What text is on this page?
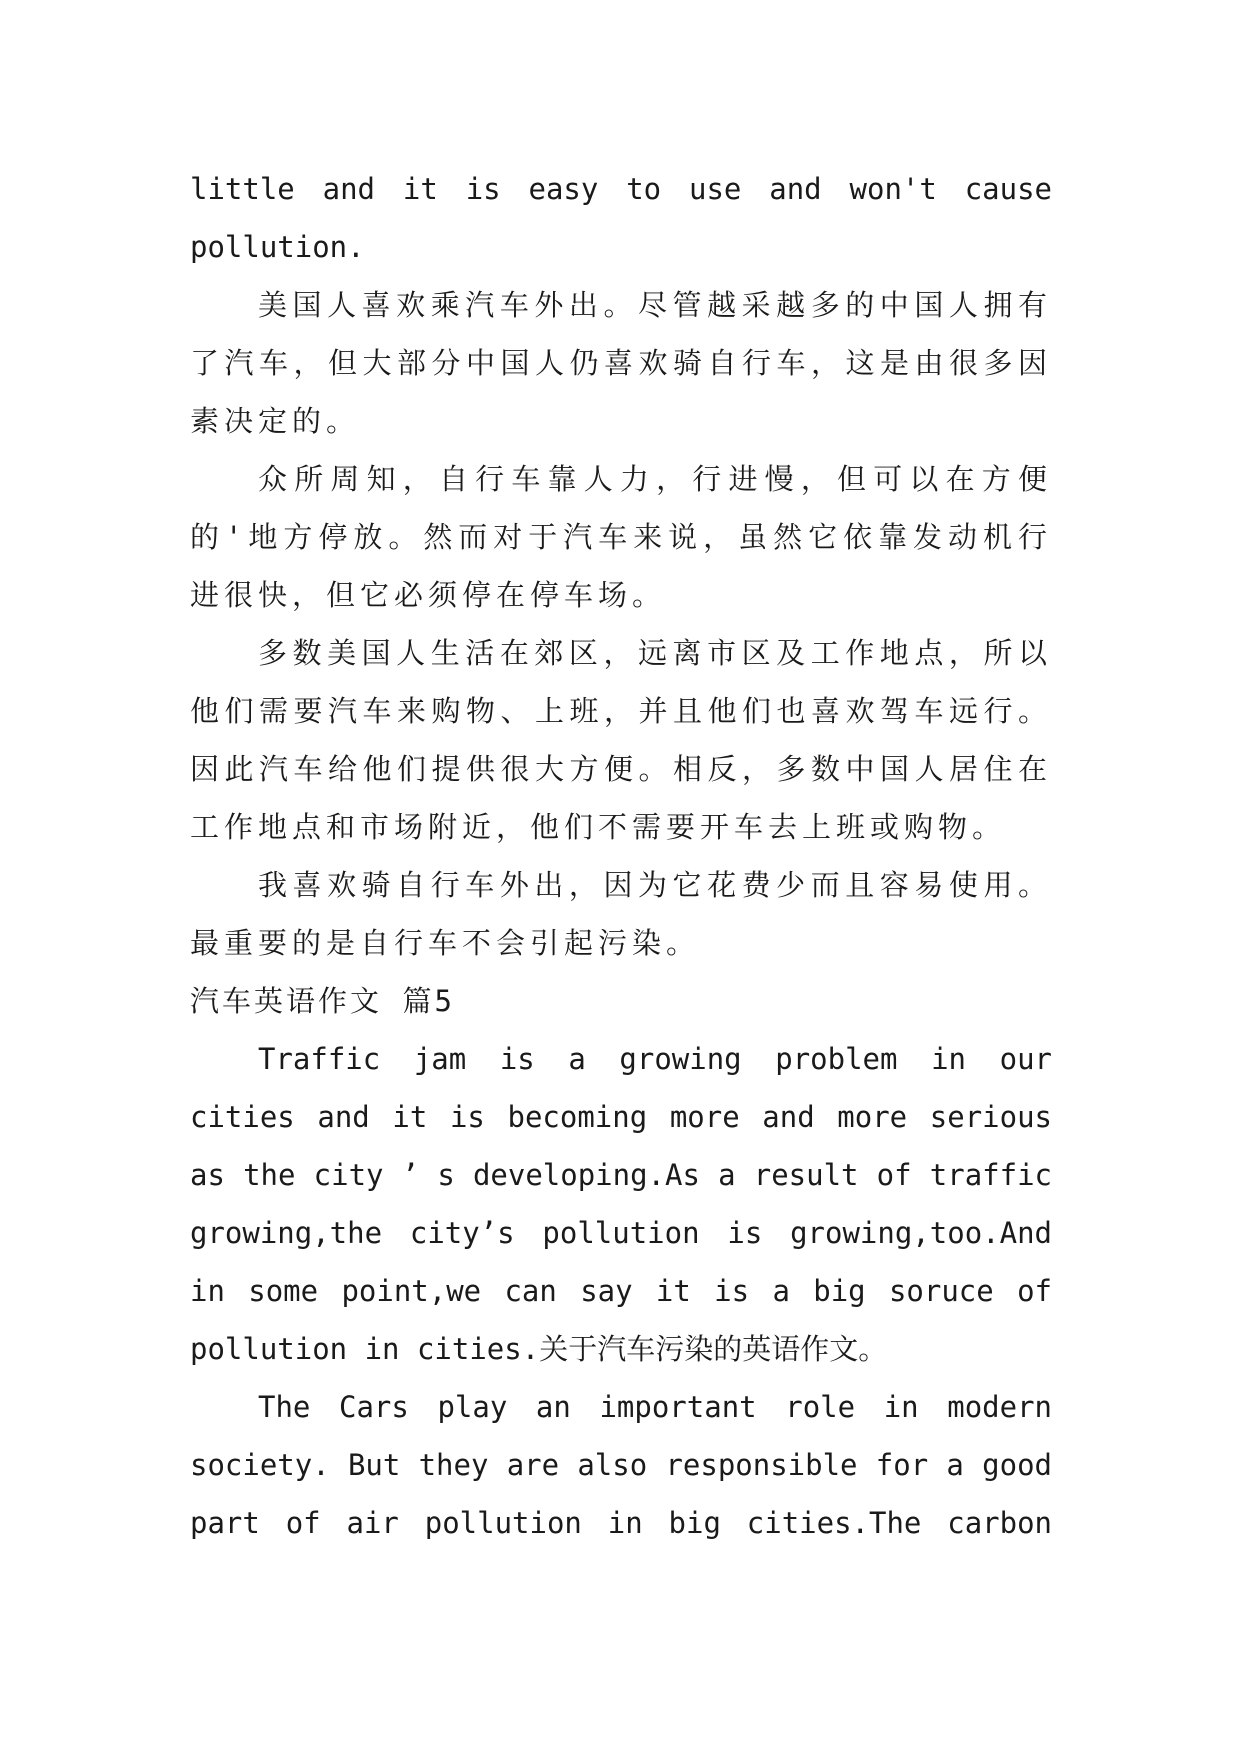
little and it is easy to use and won't cause pollution.

美国人喜欢乘汽车外出。尽管越采越多的中国人拥有了汽车，但大部分中国人仍喜欢骑自行车，这是由很多因素决定的。

众所周知，自行车靠人力，行进慢，但可以在方便的'地方停放。然而对于汽车来说，虽然它依靠发动机行进很快，但它必须停在停车场。

多数美国人生活在郊区，远离市区及工作地点，所以他们需要汽车来购物、上班，并且他们也喜欢驾车远行。因此汽车给他们提供很大方便。相反，多数中国人居住在工作地点和市场附近，他们不需要开车去上班或购物。

我喜欢骑自行车外出，因为它花费少而且容易使用。最重要的是自行车不会引起污染。

汽车英语作文 篇5

Traffic jam is a growing problem in our cities and it is becoming more and more serious as the city ’ s developing.As a result of traffic growing,the city’s pollution is growing,too.And in some point,we can say it is a big soruce of pollution in cities.关于汽车污染的英语作文。

The Cars play an important role in modern society. But they are also responsible for a good part of air pollution in big cities.The carbon
